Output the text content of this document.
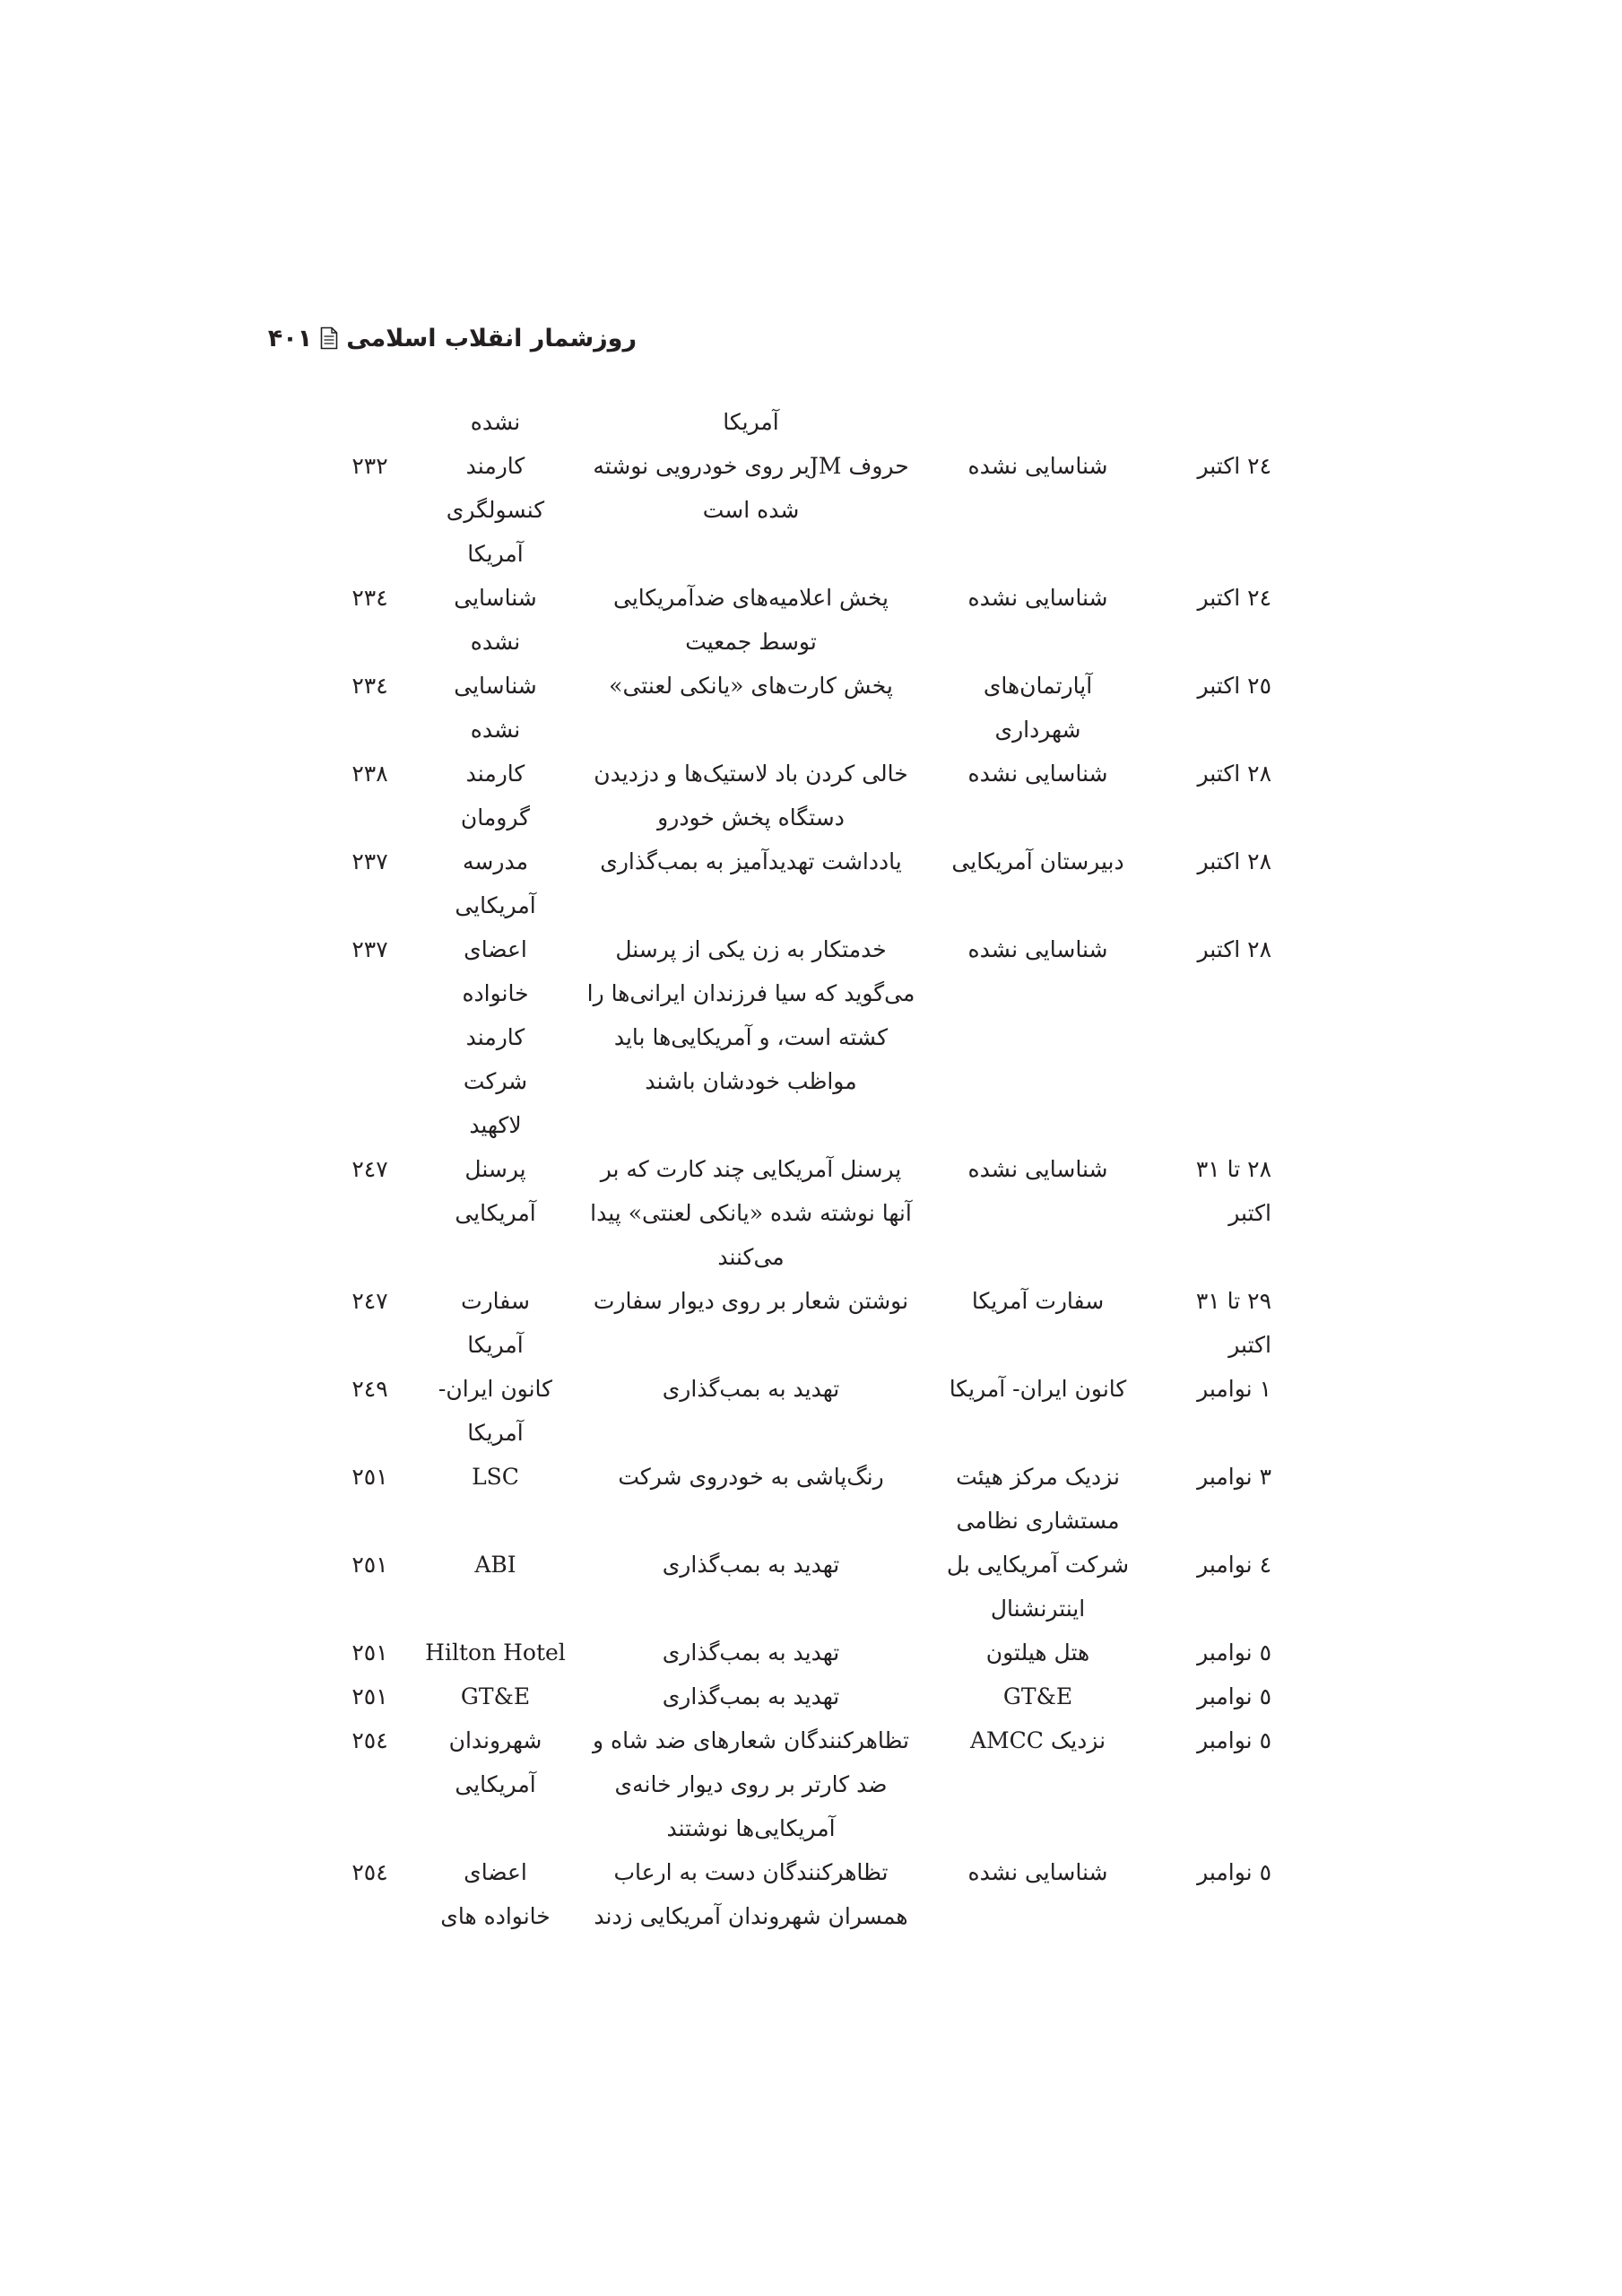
روزشمار انقلاب اسلامی
۴۰۱
آمریکا
نشده
۲٤ اکتبر
شناسایی نشده
حروف JMبر روی خودرویی نوشته
شده است
کارمند
کنسولگری
آمریکا
۲۳۲
۲٤ اکتبر
شناسایی نشده
پخش اعلامیه‌های ضدآمریکایی
توسط جمعیت
شناسایی
نشده
۲۳٤
۲٥ اکتبر
آپارتمان‌های
شهرداری
پخش کارت‌های «یانکی لعنتی»
شناسایی
نشده
۲۳٤
۲۸ اکتبر
شناسایی نشده
خالی کردن باد لاستیک‌ها و دزدیدن
دستگاه پخش خودرو
کارمند
گرومان
۲۳۸
۲۸ اکتبر
دبیرستان آمریکایی
یادداشت تهدیدآمیز به بمب‌گذاری
مدرسه
آمریکایی
۲۳۷
۲۸ اکتبر
شناسایی نشده
خدمتکار به زن یکی از پرسنل
می‌گوید که سیا فرزندان ایرانی‌ها را
کشته است، و آمریکایی‌ها باید
مواظب خودشان باشند
اعضای
خانواده
کارمند
شرکت
لاکهید
۲۳۷
۲۸ تا ۳۱
اکتبر
شناسایی نشده
پرسنل آمریکایی چند کارت که بر
آنها نوشته شده «یانکی لعنتی» پیدا
می‌کنند
پرسنل
آمریکایی
۲٤۷
۲۹ تا ۳۱
اکتبر
سفارت آمریکا
نوشتن شعار بر روی دیوار سفارت
سفارت
آمریکا
۲٤۷
۱ نوامبر
کانون ایران- آمریکا
تهدید به بمب‌گذاری
کانون ایران-
آمریکا
۲٤۹
۳ نوامبر
نزدیک مرکز هیئت
مستشاری نظامی
رنگ‌پاشی به خودروی شرکت
LSC
۲٥۱
٤ نوامبر
شرکت آمریکایی بل
اینترنشنال
تهدید به بمب‌گذاری
ABI
۲٥۱
٥ نوامبر
هتل هیلتون
تهدید به بمب‌گذاری
Hilton Hotel
۲٥۱
٥ نوامبر
GT&E
تهدید به بمب‌گذاری
GT&E
۲٥۱
٥ نوامبر
نزدیک AMCC
تظاهرکنندگان شعارهای ضد شاه و
ضد کارتر بر روی دیوار خانه‌ی
آمریکایی‌ها نوشتند
شهروندان
آمریکایی
۲٥٤
٥ نوامبر
شناسایی نشده
تظاهرکنندگان دست به ارعاب
همسران شهروندان آمریکایی زدند
اعضای
خانواده های
۲٥٤
